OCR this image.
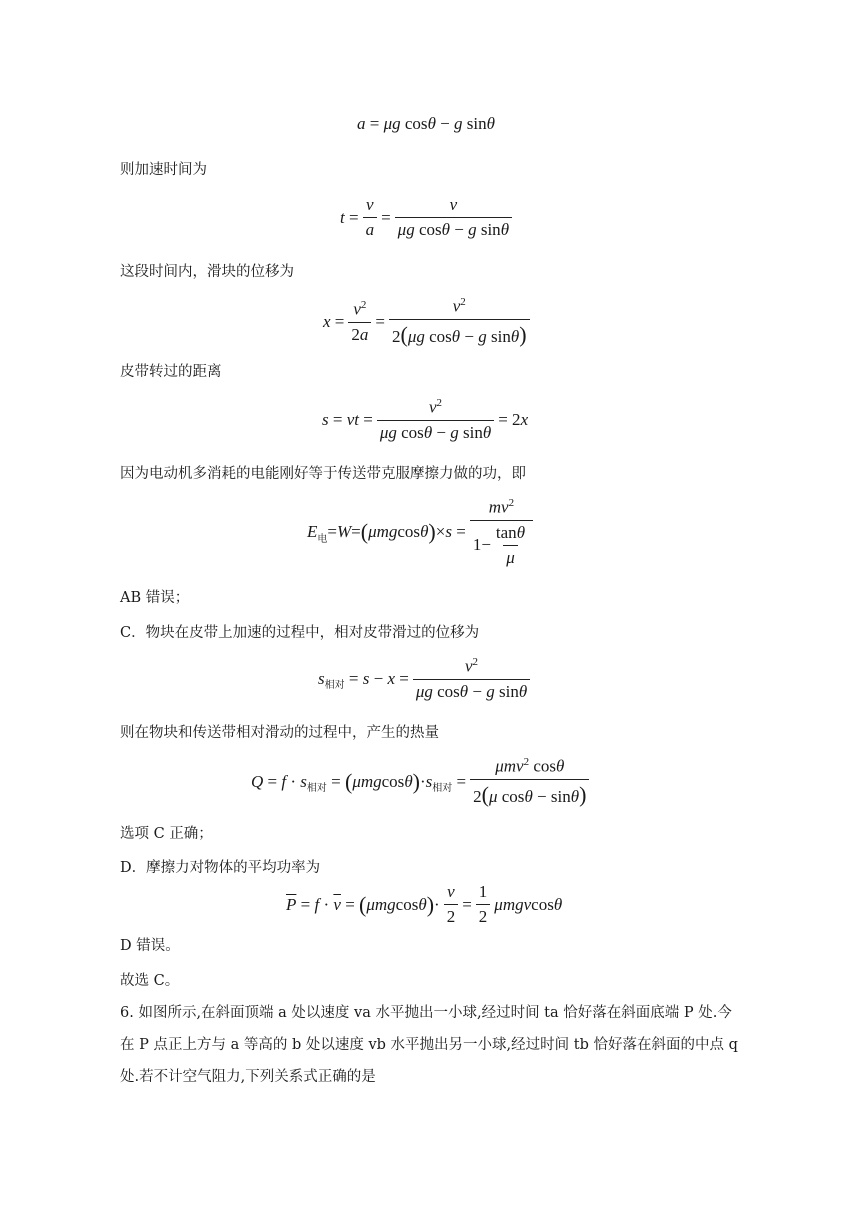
a = μg cos θ − g sin θ
则加速时间为
$t = \frac{v}{a} = \frac{v}{\text{μg cosθ − g sinθ}}$
这段时间内，滑块的位移为
$x = \frac{v^2}{2a} = \frac{v^2}{\text{2(μg cosθ − g sinθ)}}$
皮带转过的距离
s = vt = $\frac{v^2}{\text{μg cosθ − g sinθ}} = 2$ x
因为电动机多消耗的电能刚好等于传送带克服摩擦力做的功，即
E 电 = W = ( μmg cos θ ) × $s = \frac{mv^2}{1- \frac{\tan\theta}{\mu}}$
AB 错误；
C．物块在皮带上加速的过程中，相对皮带滑过的位移为
s 相对 = $s - x = \frac{v^2}{\text{μg cosθ − g sinθ}}$
则在物块和传送带相对滑动的过程中，产生的热量
Q = f · s 相对 = ( μmg cos θ ) · s 相对 = $\frac{\mu mv^2 \cos\theta}{\text{2(μ cosθ − sinθ)}}$
选项 C 正确；
D．摩擦力对物体的平均功率为
$\overline{P} = f \cdot \overline{v}$ = ( μmg cos θ ) · $\frac{v}{2} = \frac{1}{2}$ μmgv cos θ
D 错误。
故选 C。
6. 如图所示,在斜面顶端 a 处以速度 va 水平抛出一小球,经过时间 ta 恰好落在斜面底端 P 处.今在 P 点正上方与 a 等高的 b 处以速度 vb 水平抛出另一小球,经过时间 tb 恰好落在斜面的中点 q 处.若不计空气阻力,下列关系式正确的是
